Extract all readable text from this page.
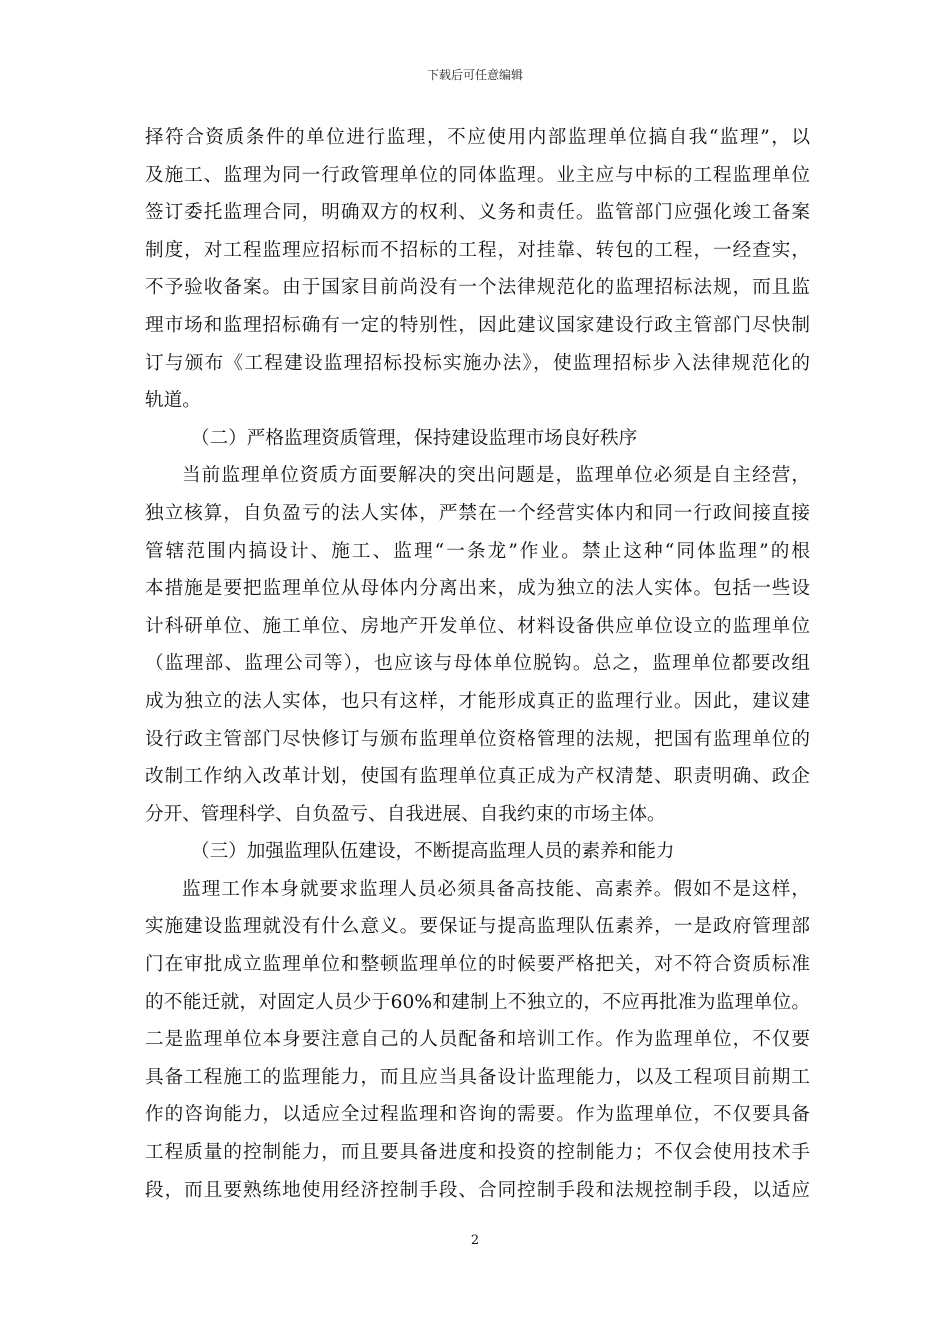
下载后可任意编辑
择符合资质条件的单位进行监理，不应使用内部监理单位搞自我“监理”，以
及施工、监理为同一行政管理单位的同体监理。业主应与中标的工程监理单位
签订委托监理合同，明确双方的权利、义务和责任。监管部门应强化竣工备案
制度，对工程监理应招标而不招标的工程，对挂靠、转包的工程，一经查实，
不予验收备案。由于国家目前尚没有一个法律规范化的监理招标法规，而且监
理市场和监理招标确有一定的特别性，因此建议国家建设行政主管部门尽快制
订与颁布《工程建设监理招标投标实施办法》，使监理招标步入法律规范化的
轨道。
（二）严格监理资质管理，保持建设监理市场良好秩序
当前监理单位资质方面要解决的突出问题是，监理单位必须是自主经营，
独立核算，自负盈亏的法人实体，严禁在一个经营实体内和同一行政间接直接
管辖范围内搞设计、施工、监理“一条龙”作业。禁止这种“同体监理”的根
本措施是要把监理单位从母体内分离出来，成为独立的法人实体。包括一些设
计科研单位、施工单位、房地产开发单位、材料设备供应单位设立的监理单位
（监理部、监理公司等），也应该与母体单位脱钩。总之，监理单位都要改组
成为独立的法人实体，也只有这样，才能形成真正的监理行业。因此，建议建
设行政主管部门尽快修订与颁布监理单位资格管理的法规，把国有监理单位的
改制工作纳入改革计划，使国有监理单位真正成为产权清楚、职责明确、政企
分开、管理科学、自负盈亏、自我进展、自我约束的市场主体。
（三）加强监理队伍建设，不断提高监理人员的素养和能力
监理工作本身就要求监理人员必须具备高技能、高素养。假如不是这样，
实施建设监理就没有什么意义。要保证与提高监理队伍素养，一是政府管理部
门在审批成立监理单位和整顿监理单位的时候要严格把关，对不符合资质标准
的不能迁就，对固定人员少于60%和建制上不独立的，不应再批准为监理单位。
二是监理单位本身要注意自己的人员配备和培训工作。作为监理单位，不仅要
具备工程施工的监理能力，而且应当具备设计监理能力，以及工程项目前期工
作的咨询能力，以适应全过程监理和咨询的需要。作为监理单位，不仅要具备
工程质量的控制能力，而且要具备进度和投资的控制能力；不仅会使用技术手
段，而且要熟练地使用经济控制手段、合同控制手段和法规控制手段，以适应
2
